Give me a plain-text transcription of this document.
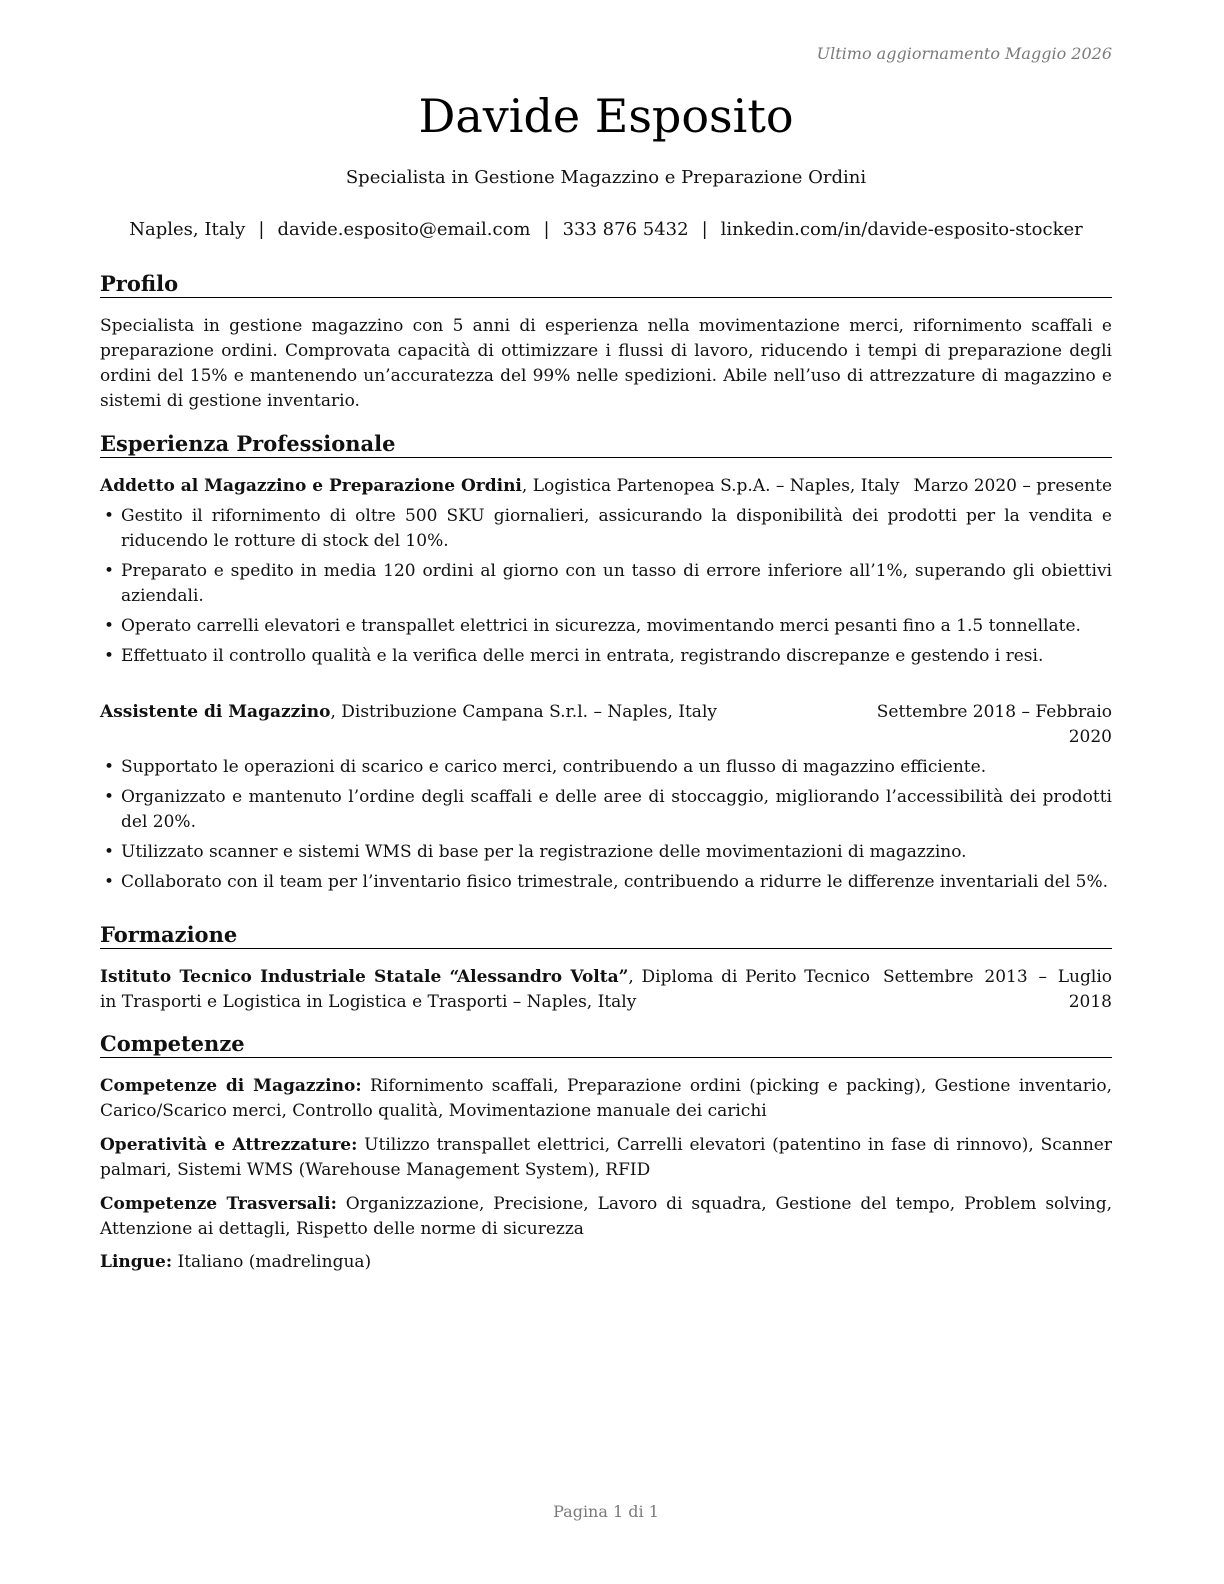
Ultimo aggiornamento Maggio 2026
Davide Esposito
Specialista in Gestione Magazzino e Preparazione Ordini
Naples, Italy | davide.esposito@email.com | 333 876 5432 | linkedin.com/in/davide-esposito-stocker
Profilo
Specialista in gestione magazzino con 5 anni di esperienza nella movimentazione merci, rifornimento scaffali e preparazione ordini. Comprovata capacità di ottimizzare i flussi di lavoro, riducendo i tempi di preparazione degli ordini del 15% e mantenendo un’accuratezza del 99% nelle spedizioni. Abile nell’uso di attrezzature di magazzino e sistemi di gestione inventario.
Esperienza Professionale
Addetto al Magazzino e Preparazione Ordini, Logistica Partenopea S.p.A. – Naples, Italy Marzo 2020 – presente
• Gestito il rifornimento di oltre 500 SKU giornalieri, assicurando la disponibilità dei prodotti per la vendita e riducendo le rotture di stock del 10%.
• Preparato e spedito in media 120 ordini al giorno con un tasso di errore inferiore all’1%, superando gli obiettivi aziendali.
• Operato carrelli elevatori e transpallet elettrici in sicurezza, movimentando merci pesanti fino a 1.5 tonnellate.
• Effettuato il controllo qualità e la verifica delle merci in entrata, registrando discrepanze e gestendo i resi.
Assistente di Magazzino, Distribuzione Campana S.r.l. – Naples, Italy	Settembre 2018 – Febbraio
2020
• Supportato le operazioni di scarico e carico merci, contribuendo a un flusso di magazzino efficiente.
• Organizzato e mantenuto l’ordine degli scaffali e delle aree di stoccaggio, migliorando l’accessibilità dei prodotti del 20%.
• Utilizzato scanner e sistemi WMS di base per la registrazione delle movimentazioni di magazzino.
• Collaborato con il team per l’inventario fisico trimestrale, contribuendo a ridurre le differenze inventariali del 5%.
Formazione
Istituto Tecnico Industriale Statale “Alessandro Volta”, Diploma di Perito Tecnico in Trasporti e Logistica in Logistica e Trasporti – Naples, Italy
Settembre  2013  –  Luglio
2018
Competenze
Competenze di Magazzino: Rifornimento scaffali, Preparazione ordini (picking e packing), Gestione inventario, Carico/Scarico merci, Controllo qualità, Movimentazione manuale dei carichi
Operatività e Attrezzature: Utilizzo transpallet elettrici, Carrelli elevatori (patentino in fase di rinnovo), Scanner palmari, Sistemi WMS (Warehouse Management System), RFID
Competenze Trasversali: Organizzazione, Precisione, Lavoro di squadra, Gestione del tempo, Problem solving, Attenzione ai dettagli, Rispetto delle norme di sicurezza
Lingue: Italiano (madrelingua)
Pagina 1 di 1
